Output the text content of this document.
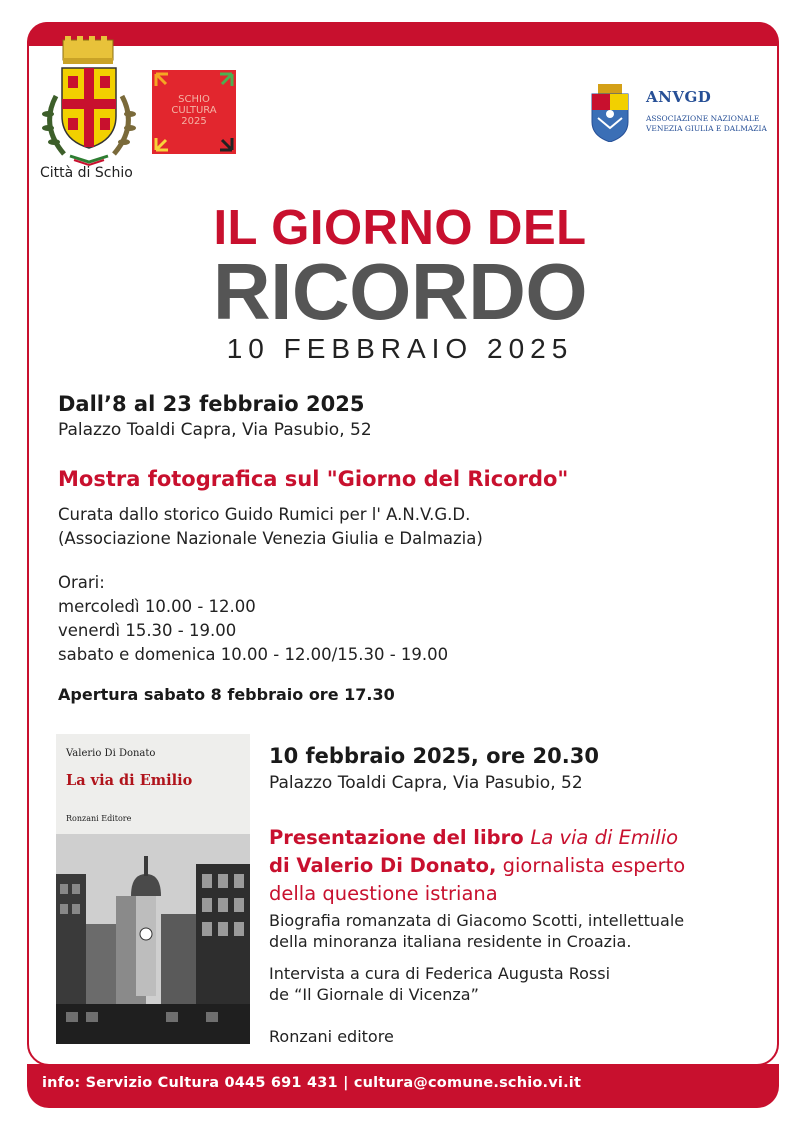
Città di Schio
SCHIO
CULTURA
2025
ANVGD
ASSOCIAZIONE NAZIONALE
VENEZIA GIULIA E DALMAZIA
IL GIORNO DEL
RICORDO
10 FEBBRAIO 2025
Dall’8 al 23 febbraio 2025
Palazzo Toaldi Capra, Via Pasubio, 52
Mostra fotografica sul "Giorno del Ricordo"
Curata dallo storico Guido Rumici per l' A.N.V.G.D.
(Associazione Nazionale Venezia Giulia e Dalmazia)
Orari:
mercoledì 10.00 - 12.00
venerdì 15.30 - 19.00
sabato e domenica 10.00 - 12.00/15.30 - 19.00
Apertura sabato 8 febbraio ore 17.30
Valerio Di Donato
La via di Emilio
Ronzani Editore
10 febbraio 2025, ore 20.30
Palazzo Toaldi Capra, Via Pasubio, 52
Presentazione del libro La via di Emilio
di Valerio Di Donato, giornalista esperto
della questione istriana
Biografia romanzata di Giacomo Scotti, intellettuale
della minoranza italiana residente in Croazia.
Intervista a cura di Federica Augusta Rossi
de “Il Giornale di Vicenza”
Ronzani editore
info: Servizio Cultura 0445 691 431 | cultura@comune.schio.vi.it
